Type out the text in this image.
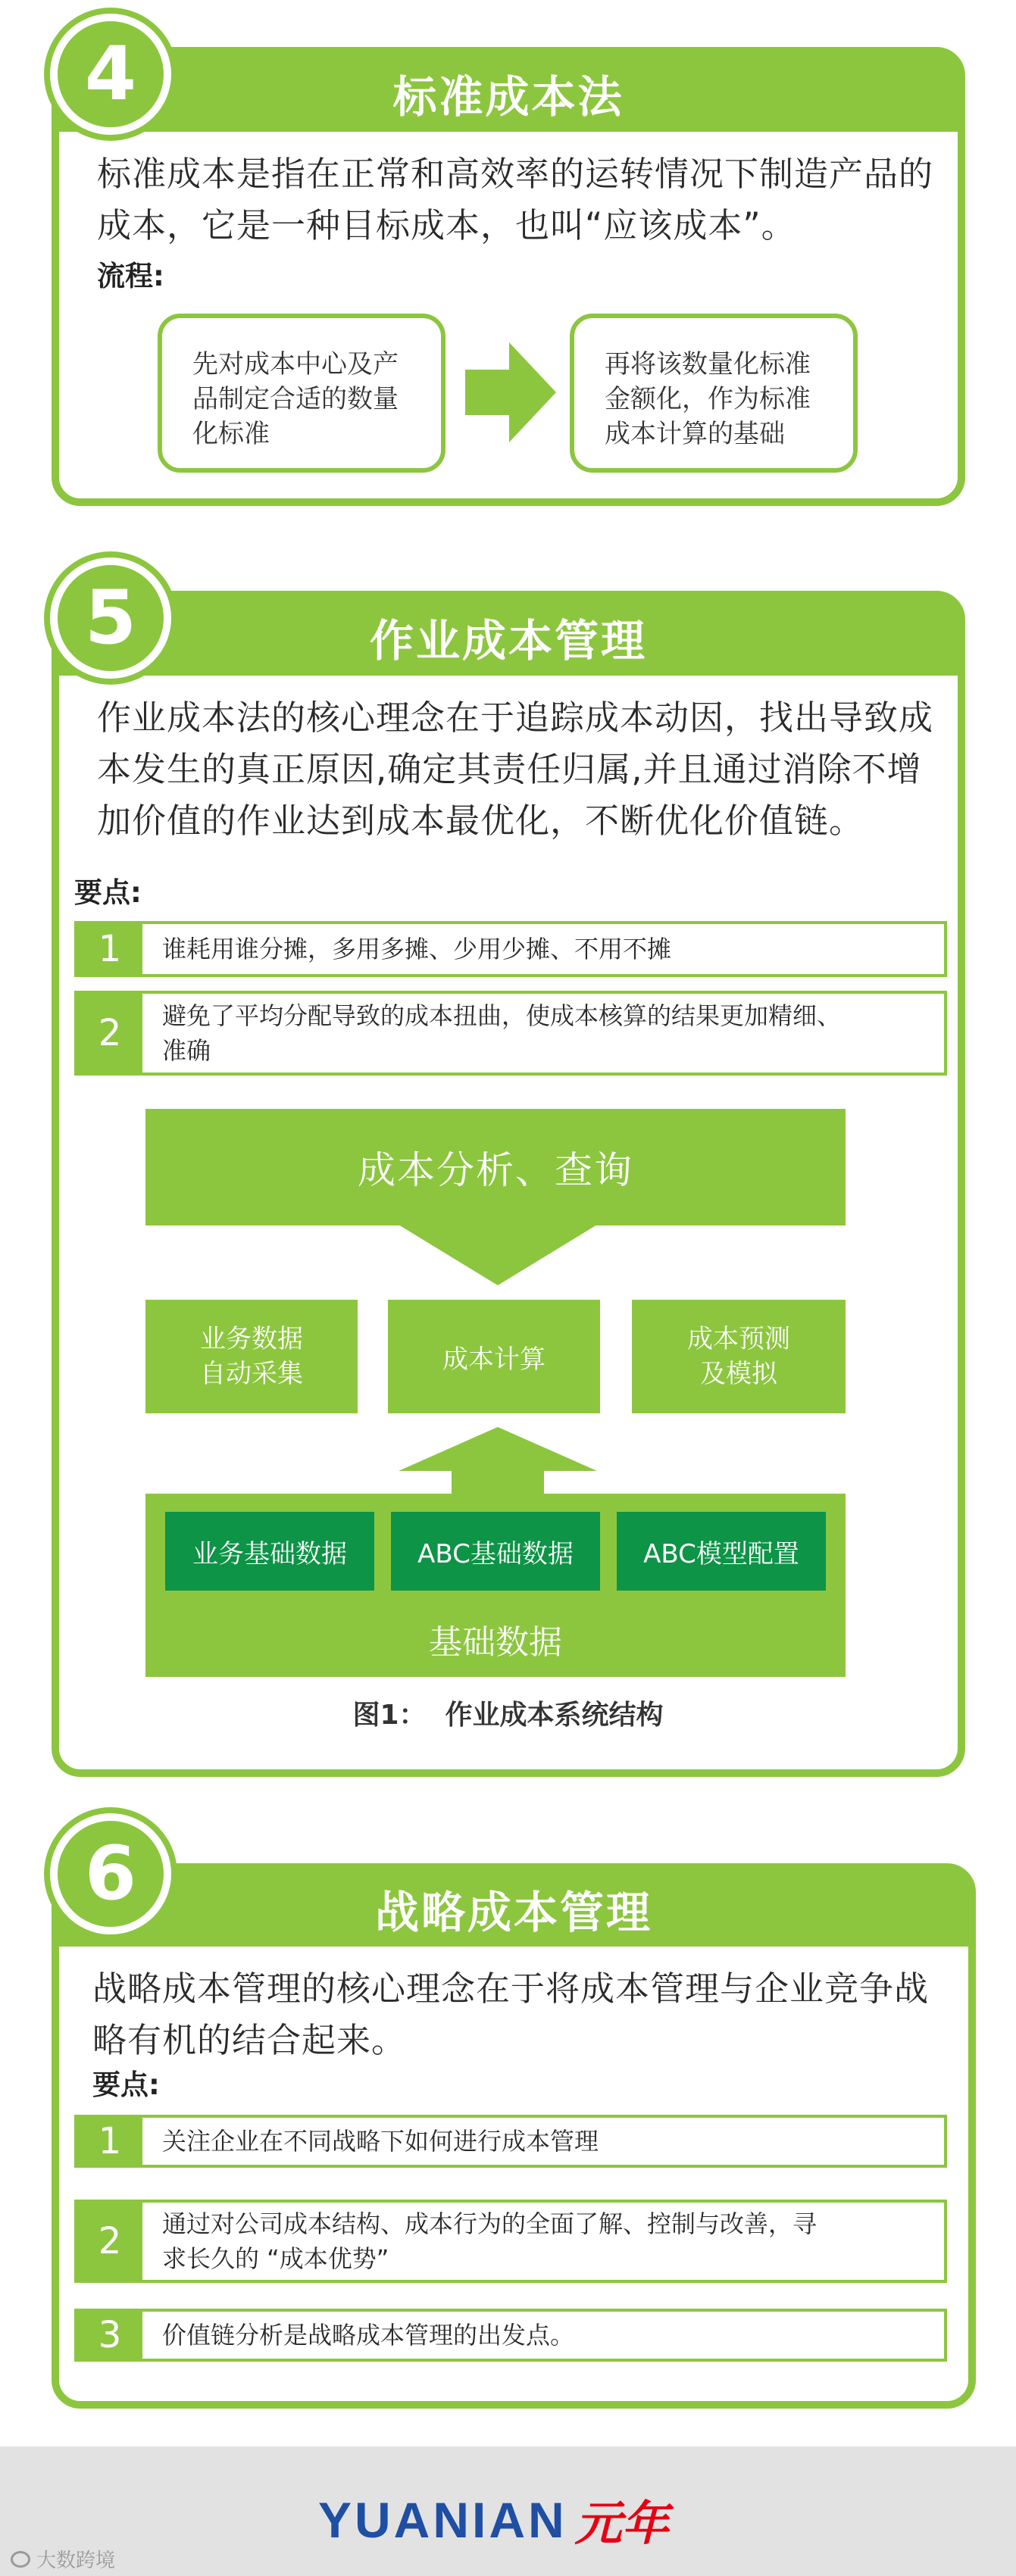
标准成本法
4
标准成本是指在正常和高效率的运转情况下制造产品的
成本，它是一种目标成本，也叫“应该成本”。
流程:
先对成本中心及产
品制定合适的数量
化标准
再将该数量化标准
金额化，作为标准
成本计算的基础
作业成本管理
5
作业成本法的核心理念在于追踪成本动因，找出导致成
本发生的真正原因,确定其责任归属,并且通过消除不增
加价值的作业达到成本最优化，不断优化价值链。
要点:
1	谁耗用谁分摊，多用多摊、少用少摊、不用不摊
2	避免了平均分配导致的成本扭曲，使成本核算的结果更加精细、
准确
成本分析、查询
业务数据
自动采集	成本计算
成本预测
及模拟
基础数据
业务基础数据	ABC基础数据	ABC模型配置
图1：  作业成本系统结构
战略成本管理
6
战略成本管理的核心理念在于将成本管理与企业竞争战
略有机的结合起来。
要点:
1	关注企业在不同战略下如何进行成本管理
2	通过对公司成本结构、成本行为的全面了解、控制与改善，寻
求长久的 “成本优势”
3	价值链分析是战略成本管理的出发点。
YUANIAN 元年
大数跨境
